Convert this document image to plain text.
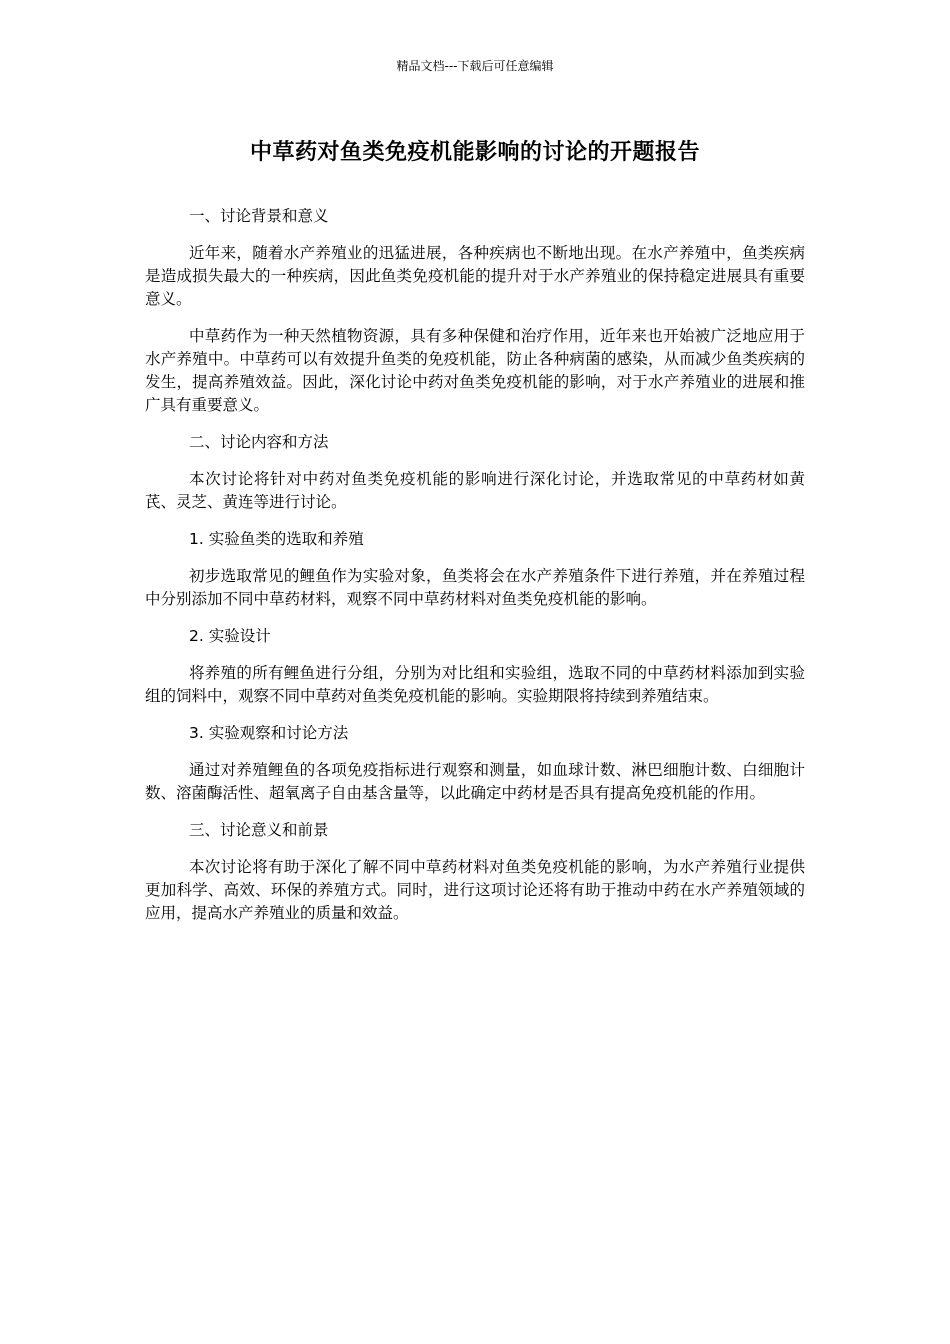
精品文档---下载后可任意编辑
中草药对鱼类免疫机能影响的讨论的开题报告

一、讨论背景和意义

近年来，随着水产养殖业的迅猛进展，各种疾病也不断地出现。在水产养殖中，鱼类疾病是造成损失最大的一种疾病，因此鱼类免疫机能的提升对于水产养殖业的保持稳定进展具有重要意义。

中草药作为一种天然植物资源，具有多种保健和治疗作用，近年来也开始被广泛地应用于水产养殖中。中草药可以有效提升鱼类的免疫机能，防止各种病菌的感染，从而减少鱼类疾病的发生，提高养殖效益。因此，深化讨论中药对鱼类免疫机能的影响，对于水产养殖业的进展和推广具有重要意义。

二、讨论内容和方法

本次讨论将针对中药对鱼类免疫机能的影响进行深化讨论，并选取常见的中草药材如黄芪、灵芝、黄连等进行讨论。

1. 实验鱼类的选取和养殖

初步选取常见的鲤鱼作为实验对象，鱼类将会在水产养殖条件下进行养殖，并在养殖过程中分别添加不同中草药材料，观察不同中草药材料对鱼类免疫机能的影响。

2. 实验设计

将养殖的所有鲤鱼进行分组，分别为对比组和实验组，选取不同的中草药材料添加到实验组的饲料中，观察不同中草药对鱼类免疫机能的影响。实验期限将持续到养殖结束。

3. 实验观察和讨论方法

通过对养殖鲤鱼的各项免疫指标进行观察和测量，如血球计数、淋巴细胞计数、白细胞计数、溶菌酶活性、超氧离子自由基含量等，以此确定中药材是否具有提高免疫机能的作用。

三、讨论意义和前景

本次讨论将有助于深化了解不同中草药材料对鱼类免疫机能的影响，为水产养殖行业提供更加科学、高效、环保的养殖方式。同时，进行这项讨论还将有助于推动中药在水产养殖领域的应用，提高水产养殖业的质量和效益。
